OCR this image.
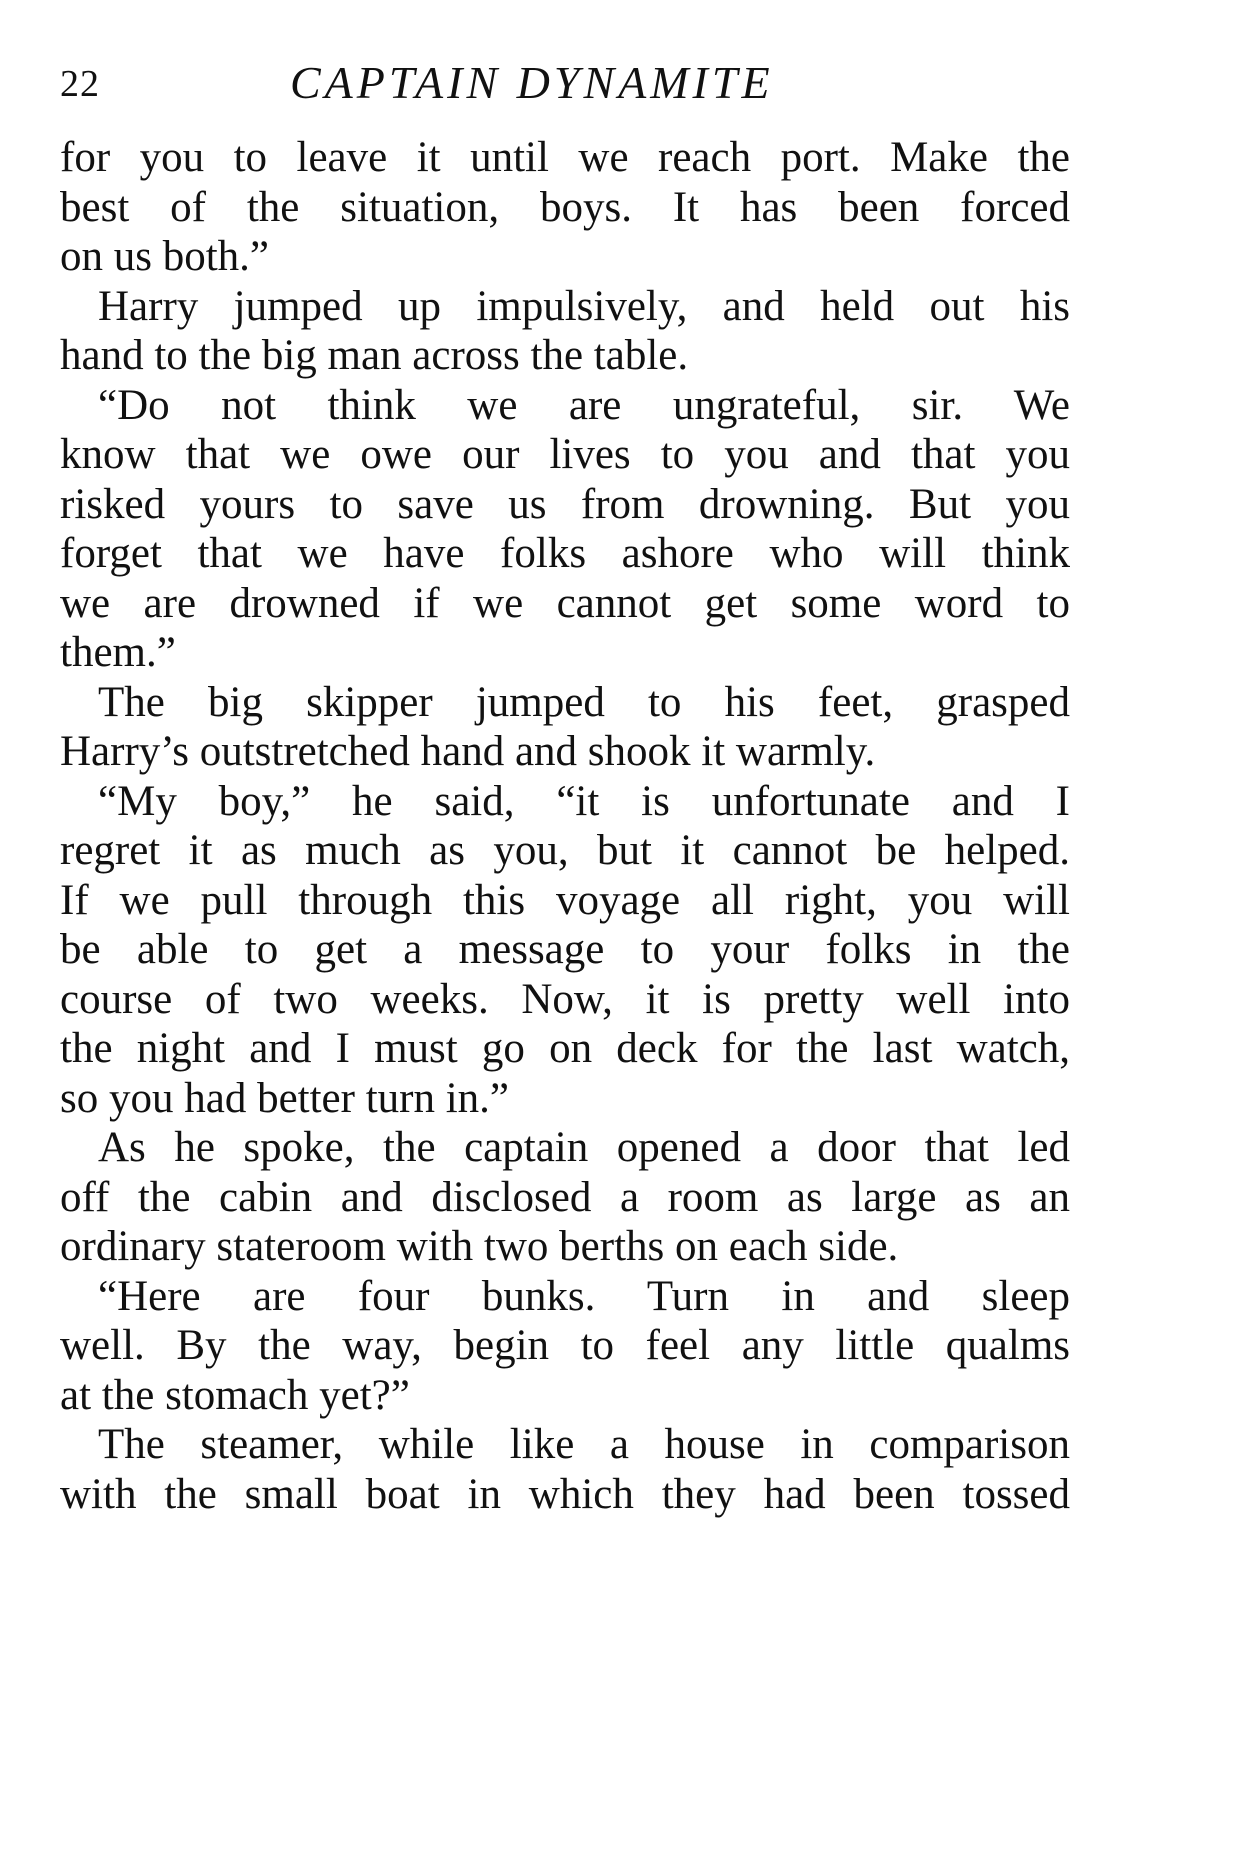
22	CAPTAIN DYNAMITE
for you to leave it until we reach port. Make the
best of the situation, boys. It has been forced
on us both.”
Harry jumped up impulsively, and held out his
hand to the big man across the table.
“Do not think we are ungrateful, sir. We
know that we owe our lives to you and that you
risked yours to save us from drowning. But you
forget that we have folks ashore who will think
we are drowned if we cannot get some word to
them.”
The big skipper jumped to his feet, grasped
Harry’s outstretched hand and shook it warmly.
“My boy,” he said, “it is unfortunate and I
regret it as much as you, but it cannot be helped.
If we pull through this voyage all right, you will
be able to get a message to your folks in the
course of two weeks. Now, it is pretty well into
the night and I must go on deck for the last watch,
so you had better turn in.”
As he spoke, the captain opened a door that led
off the cabin and disclosed a room as large as an
ordinary stateroom with two berths on each side.
“Here are four bunks. Turn in and sleep
well. By the way, begin to feel any little qualms
at the stomach yet?”
The steamer, while like a house in comparison
with the small boat in which they had been tossed
